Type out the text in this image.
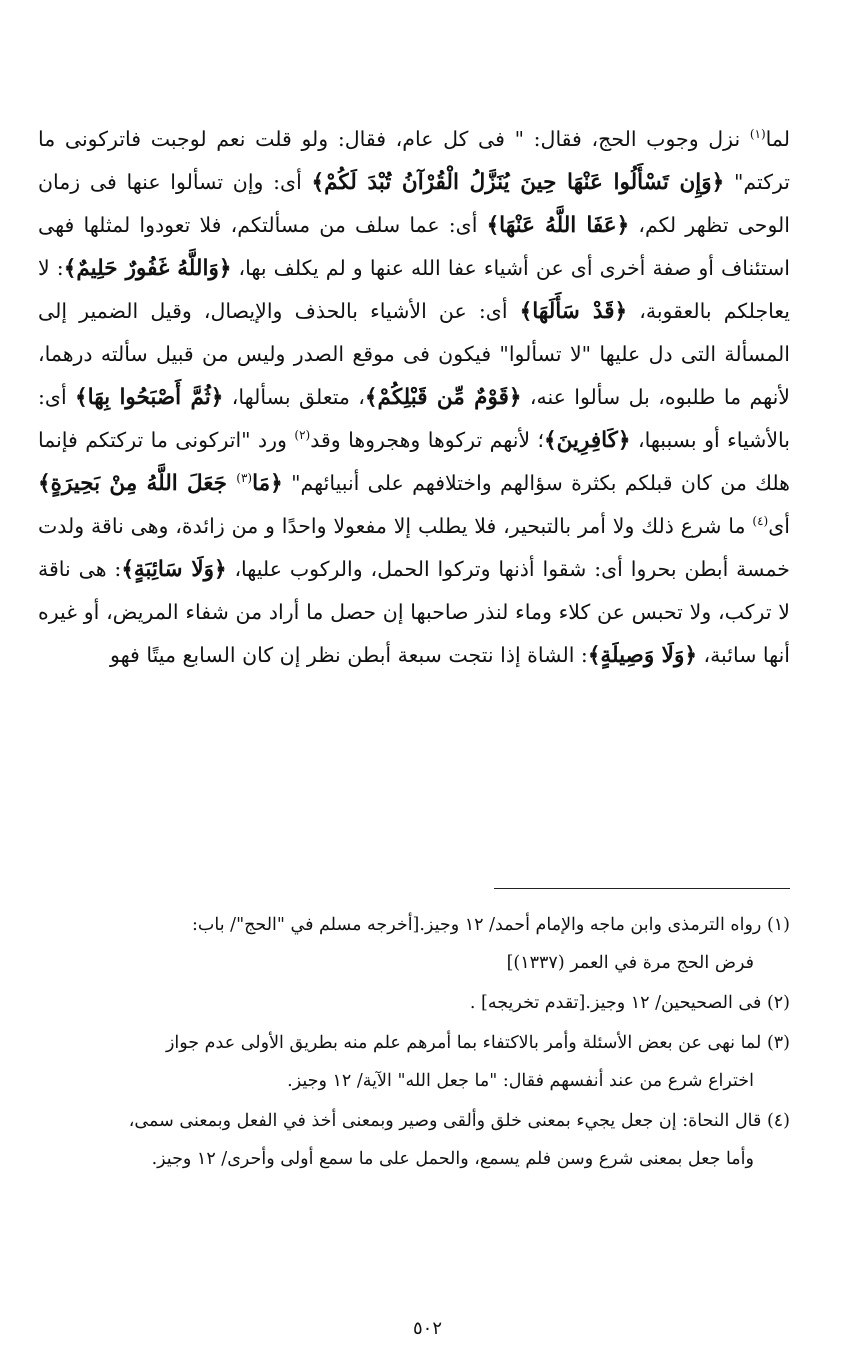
لما$^{(١)}$ نزل وجوب الحج، فقال: " فى كل عام، فقال: ولو قلت نعم لوجبت فاتركونى ما تركتم" ﴿وَإِن تَسْأَلُوا عَنْهَا حِينَ يُنَزَّلُ الْقُرْآنُ تُبْدَ لَكُمْ﴾ أى: وإن تسألوا عنها فى زمان الوحى تظهر لكم، ﴿عَفَا اللَّهُ عَنْهَا﴾ أى: عما سلف من مسألتكم، فلا تعودوا لمثلها فهى استئناف أو صفة أخرى أى عن أشياء عفا الله عنها و لم يكلف بها، ﴿وَاللَّهُ غَفُورٌ حَلِيمٌ﴾: لا يعاجلكم بالعقوبة، ﴿قَدْ سَأَلَهَا﴾ أى: عن الأشياء بالحذف والإيصال، وقيل الضمير إلى المسألة التى دل عليها "لا تسألوا" فيكون فى موقع الصدر وليس من قبيل سألته درهما، لأنهم ما طلبوه، بل سألوا عنه، ﴿قَوْمٌ مِّن قَبْلِكُمْ﴾، متعلق بسألها، ﴿ثُمَّ أَصْبَحُوا بِهَا﴾ أى: بالأشياء أو بسببها، ﴿كَافِرِينَ﴾؛ لأنهم تركوها وهجروها وقد$^{(٢)}$ ورد "اتركونى ما تركتكم فإنما هلك من كان قبلكم بكثرة سؤالهم واختلافهم على أنبيائهم" ﴿مَا$^{(٣)}$ جَعَلَ اللَّهُ مِنْ بَحِيرَةٍ﴾ أى$^{(٤)}$ ما شرع ذلك ولا أمر بالتبحير، فلا يطلب إلا مفعولا واحدًا و من زائدة، وهى ناقة ولدت خمسة أبطن بحروا أى: شقوا أذنها وتركوا الحمل، والركوب عليها، ﴿وَلَا سَائِبَةٍ﴾: هى ناقة لا تركب، ولا تحبس عن كلاء وماء لنذر صاحبها إن حصل ما أراد من شفاء المريض، أو غيره أنها سائبة، ﴿وَلَا وَصِيلَةٍ﴾: الشاة إذا نتجت سبعة أبطن نظر إن كان السابع ميتًا فهو

(١) رواه الترمذى وابن ماجه والإمام أحمد/ ١٢ وجيز.[أخرجه مسلم في "الحج"/ باب:
فرض الحج مرة في العمر (١٣٣٧)]

(٢) فى الصحيحين/ ١٢ وجيز.[تقدم تخريجه] .

(٣) لما نهى عن بعض الأسئلة وأمر بالاكتفاء بما أمرهم علم منه بطريق الأولى عدم جواز
اختراع شرع من عند أنفسهم فقال: "ما جعل الله" الآية/ ١٢ وجيز.

(٤) قال النحاة: إن جعل يجيء بمعنى خلق وألقى وصير وبمعنى أخذ في الفعل وبمعنى سمى،
وأما جعل بمعنى شرع وسن فلم يسمع، والحمل على ما سمع أولى وأحرى/ ١٢ وجيز.

٥٠٢
